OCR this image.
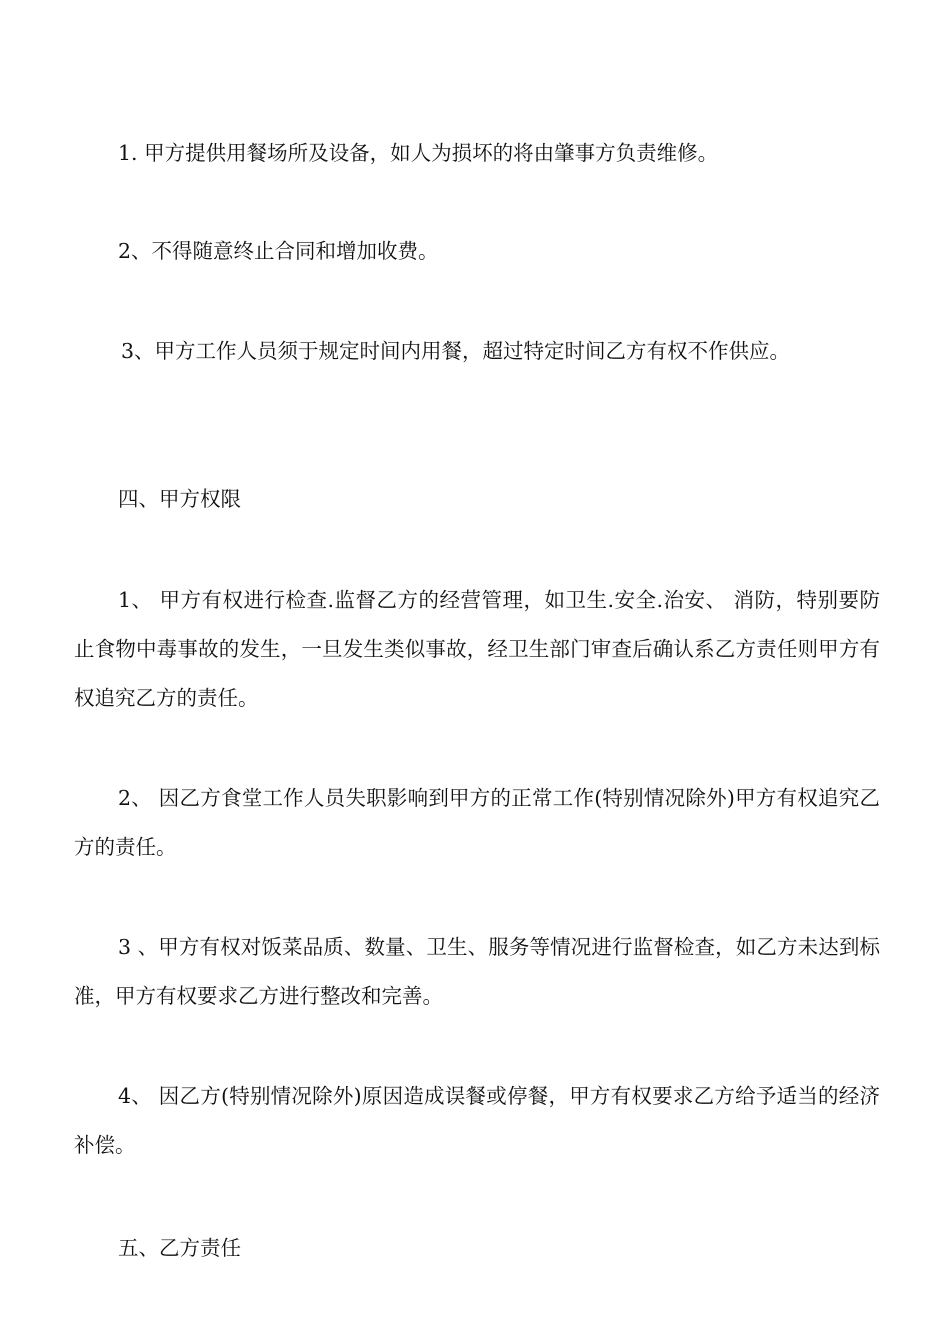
1. 甲方提供用餐场所及设备，如人为损坏的将由肇事方负责维修。

2、不得随意终止合同和增加收费。

3、甲方工作人员须于规定时间内用餐，超过特定时间乙方有权不作供应。

四、甲方权限

1、 甲方有权进行检查.监督乙方的经营管理，如卫生.安全.治安、 消防，特别要防止食物中毒事故的发生，一旦发生类似事故，经卫生部门审查后确认系乙方责任则甲方有权追究乙方的责任。

2、 因乙方食堂工作人员失职影响到甲方的正常工作(特别情况除外)甲方有权追究乙方的责任。

3 、甲方有权对饭菜品质、数量、卫生、服务等情况进行监督检查，如乙方未达到标准，甲方有权要求乙方进行整改和完善。

4、 因乙方(特别情况除外)原因造成误餐或停餐，甲方有权要求乙方给予适当的经济补偿。

五、乙方责任
